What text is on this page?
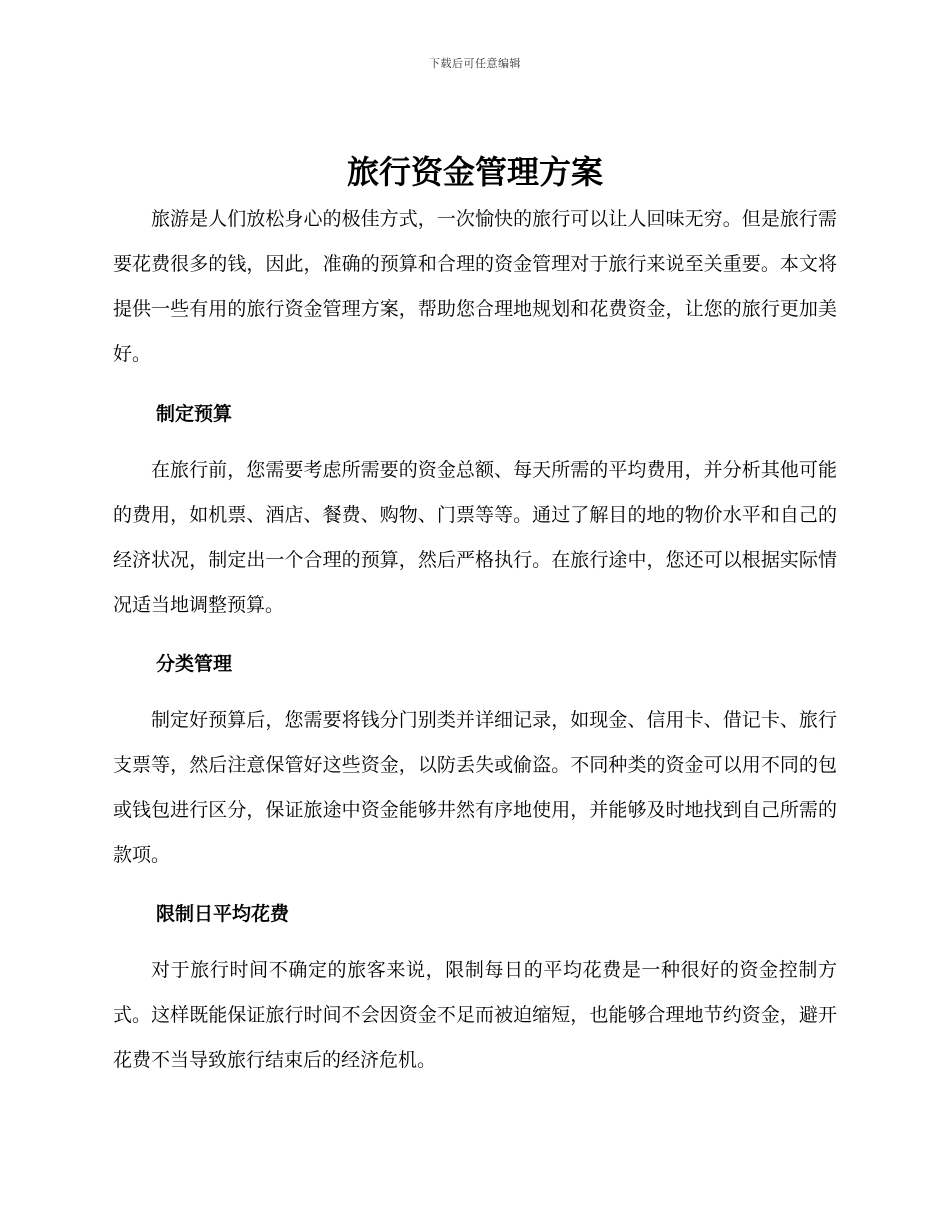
下载后可任意编辑
旅行资金管理方案

旅游是人们放松身心的极佳方式，一次愉快的旅行可以让人回味无穷。但是旅行需要花费很多的钱，因此，准确的预算和合理的资金管理对于旅行来说至关重要。本文将提供一些有用的旅行资金管理方案，帮助您合理地规划和花费资金，让您的旅行更加美好。

制定预算

在旅行前，您需要考虑所需要的资金总额、每天所需的平均费用，并分析其他可能的费用，如机票、酒店、餐费、购物、门票等等。通过了解目的地的物价水平和自己的经济状况，制定出一个合理的预算，然后严格执行。在旅行途中，您还可以根据实际情况适当地调整预算。

分类管理

制定好预算后，您需要将钱分门别类并详细记录，如现金、信用卡、借记卡、旅行支票等，然后注意保管好这些资金，以防丢失或偷盗。不同种类的资金可以用不同的包或钱包进行区分，保证旅途中资金能够井然有序地使用，并能够及时地找到自己所需的款项。

限制日平均花费

对于旅行时间不确定的旅客来说，限制每日的平均花费是一种很好的资金控制方式。这样既能保证旅行时间不会因资金不足而被迫缩短，也能够合理地节约资金，避开花费不当导致旅行结束后的经济危机。
